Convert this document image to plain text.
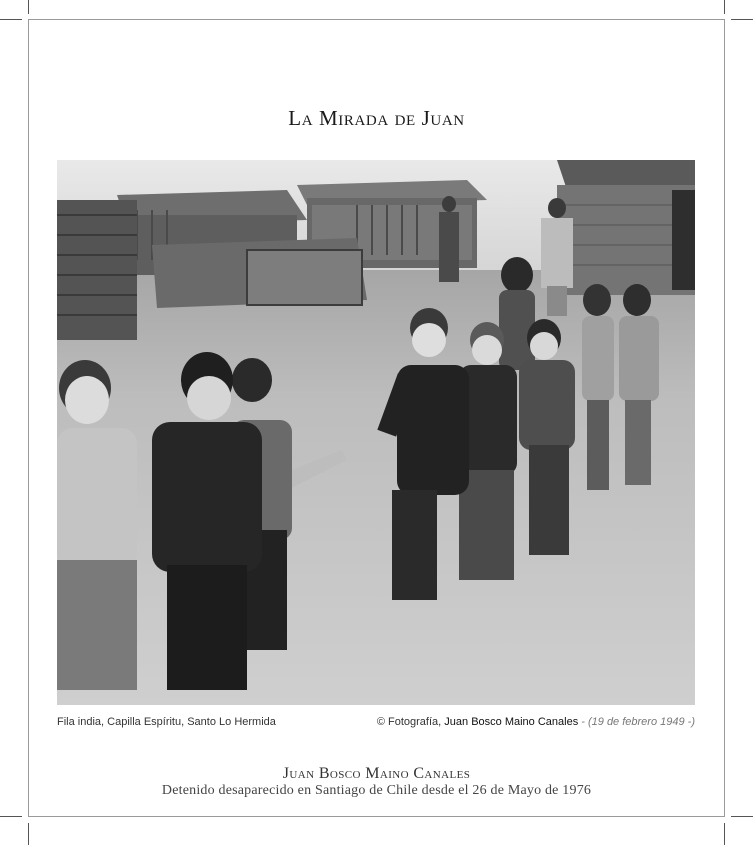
La Mirada de Juan
Fila india, Capilla Espíritu, Santo Lo Hermida	© Fotografía, Juan Bosco Maino Canales - (19 de febrero 1949 -)
Juan Bosco Maino Canales
Detenido desaparecido en Santiago de Chile desde el 26 de Mayo de 1976
